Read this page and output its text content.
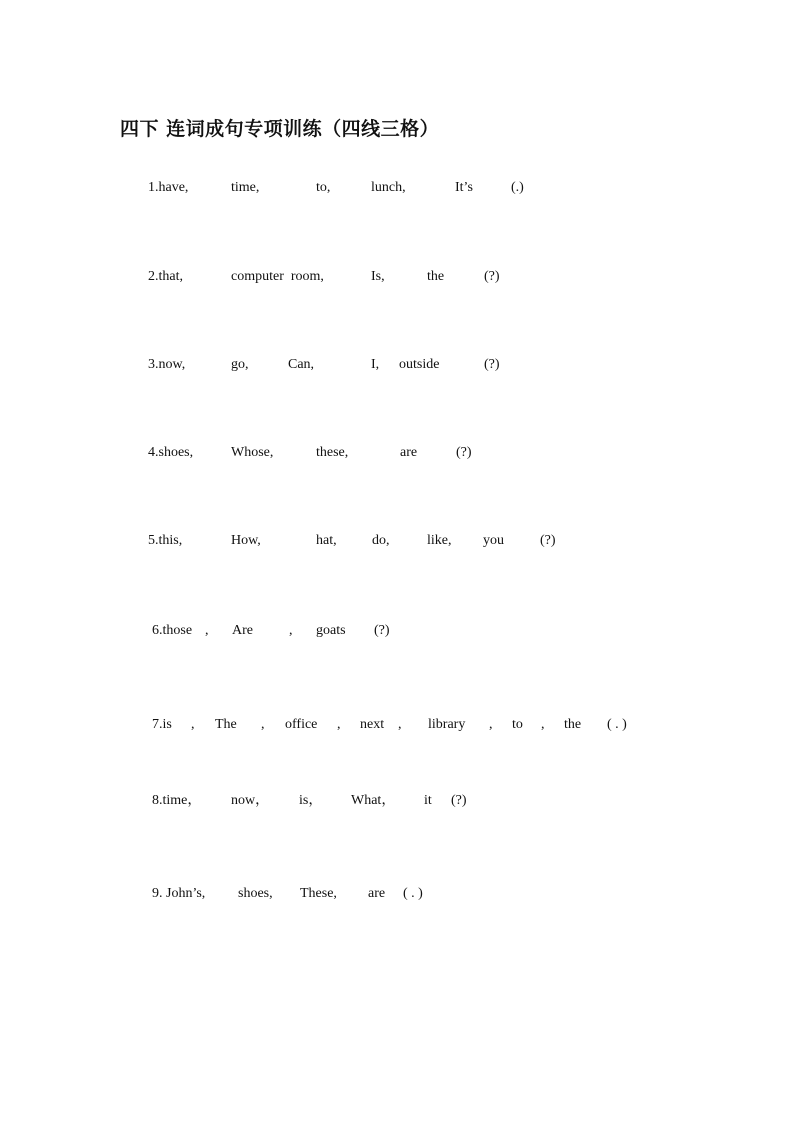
四下 连词成句专项训练（四线三格）
1.have,	time,	to,	lunch,	It’s	(.)
2.that,	computer  room,	Is,	the	(?)
3.now,	go,	Can,	I, outside	(?)
4.shoes,	Whose,	these,	are	(?)
5.this,	How,	hat,	do,	like, you	(?)
6.those , Are	, goats (?)
7.is , The , office , next , library , to , the ( . )
8.time， now， is， What， it (?)
9. John’s, shoes, These, are ( . )
